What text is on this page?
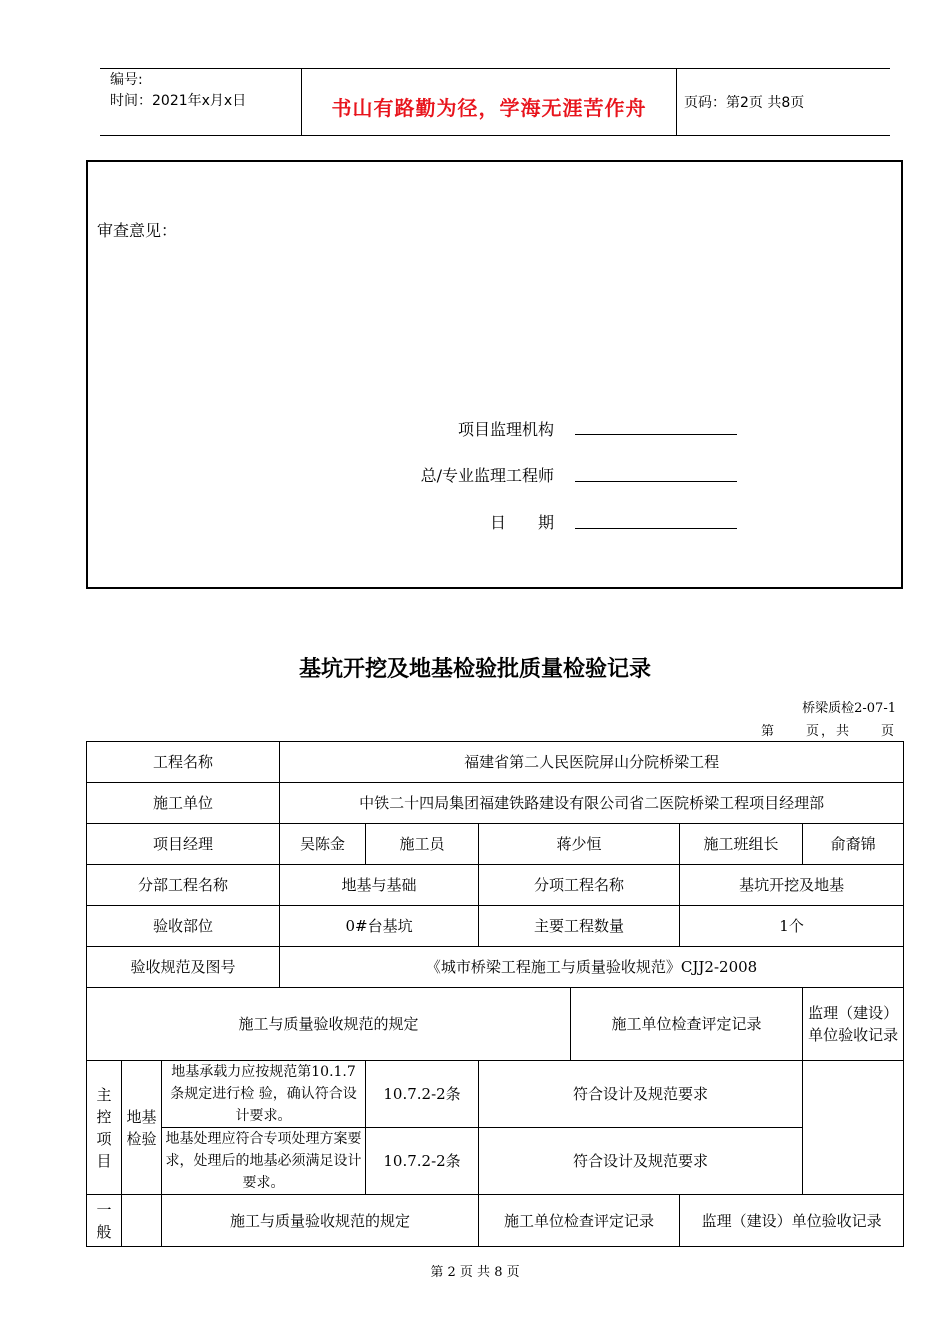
编号:
时间：2021年x月x日	书山有路勤为径，学海无涯苦作舟	页码：第2页 共8页
审查意见：
项目监理机构
总/专业监理工程师
日　　期
基坑开挖及地基检验批质量检验记录
桥梁质检2-07-1
第　　页，共　　页
工程名称			福建省第二人民医院屏山分院桥梁工程					
施工单位			中铁二十四局集团福建铁路建设有限公司省二医院桥梁工程项目经理部					
项目经理			吴陈金	施工员	蒋少恒		施工班组长	俞裔锦
分部工程名称			地基与基础		分项工程名称		基坑开挖及地基	
验收部位			0#台基坑		主要工程数量		1个	
验收规范及图号			《城市桥梁工程施工与质量验收规范》CJJ2-2008					
施工与质量验收规范的规定						施工单位检查评定记录		监理（建设）单位验收记录
主控项目	地基检验	地基承载力应按规范第10.1.7条规定进行检 验，确认符合设计要求。		10.7.2-2条	符合设计及规范要求			
		地基处理应符合专项处理方案要求，处理后的地基必须满足设计要求。		10.7.2-2条	符合设计及规范要求			
一般		施工与质量验收规范的规定			施工单位检查评定记录		监理（建设）单位验收记录	
第 2 页 共 8 页
